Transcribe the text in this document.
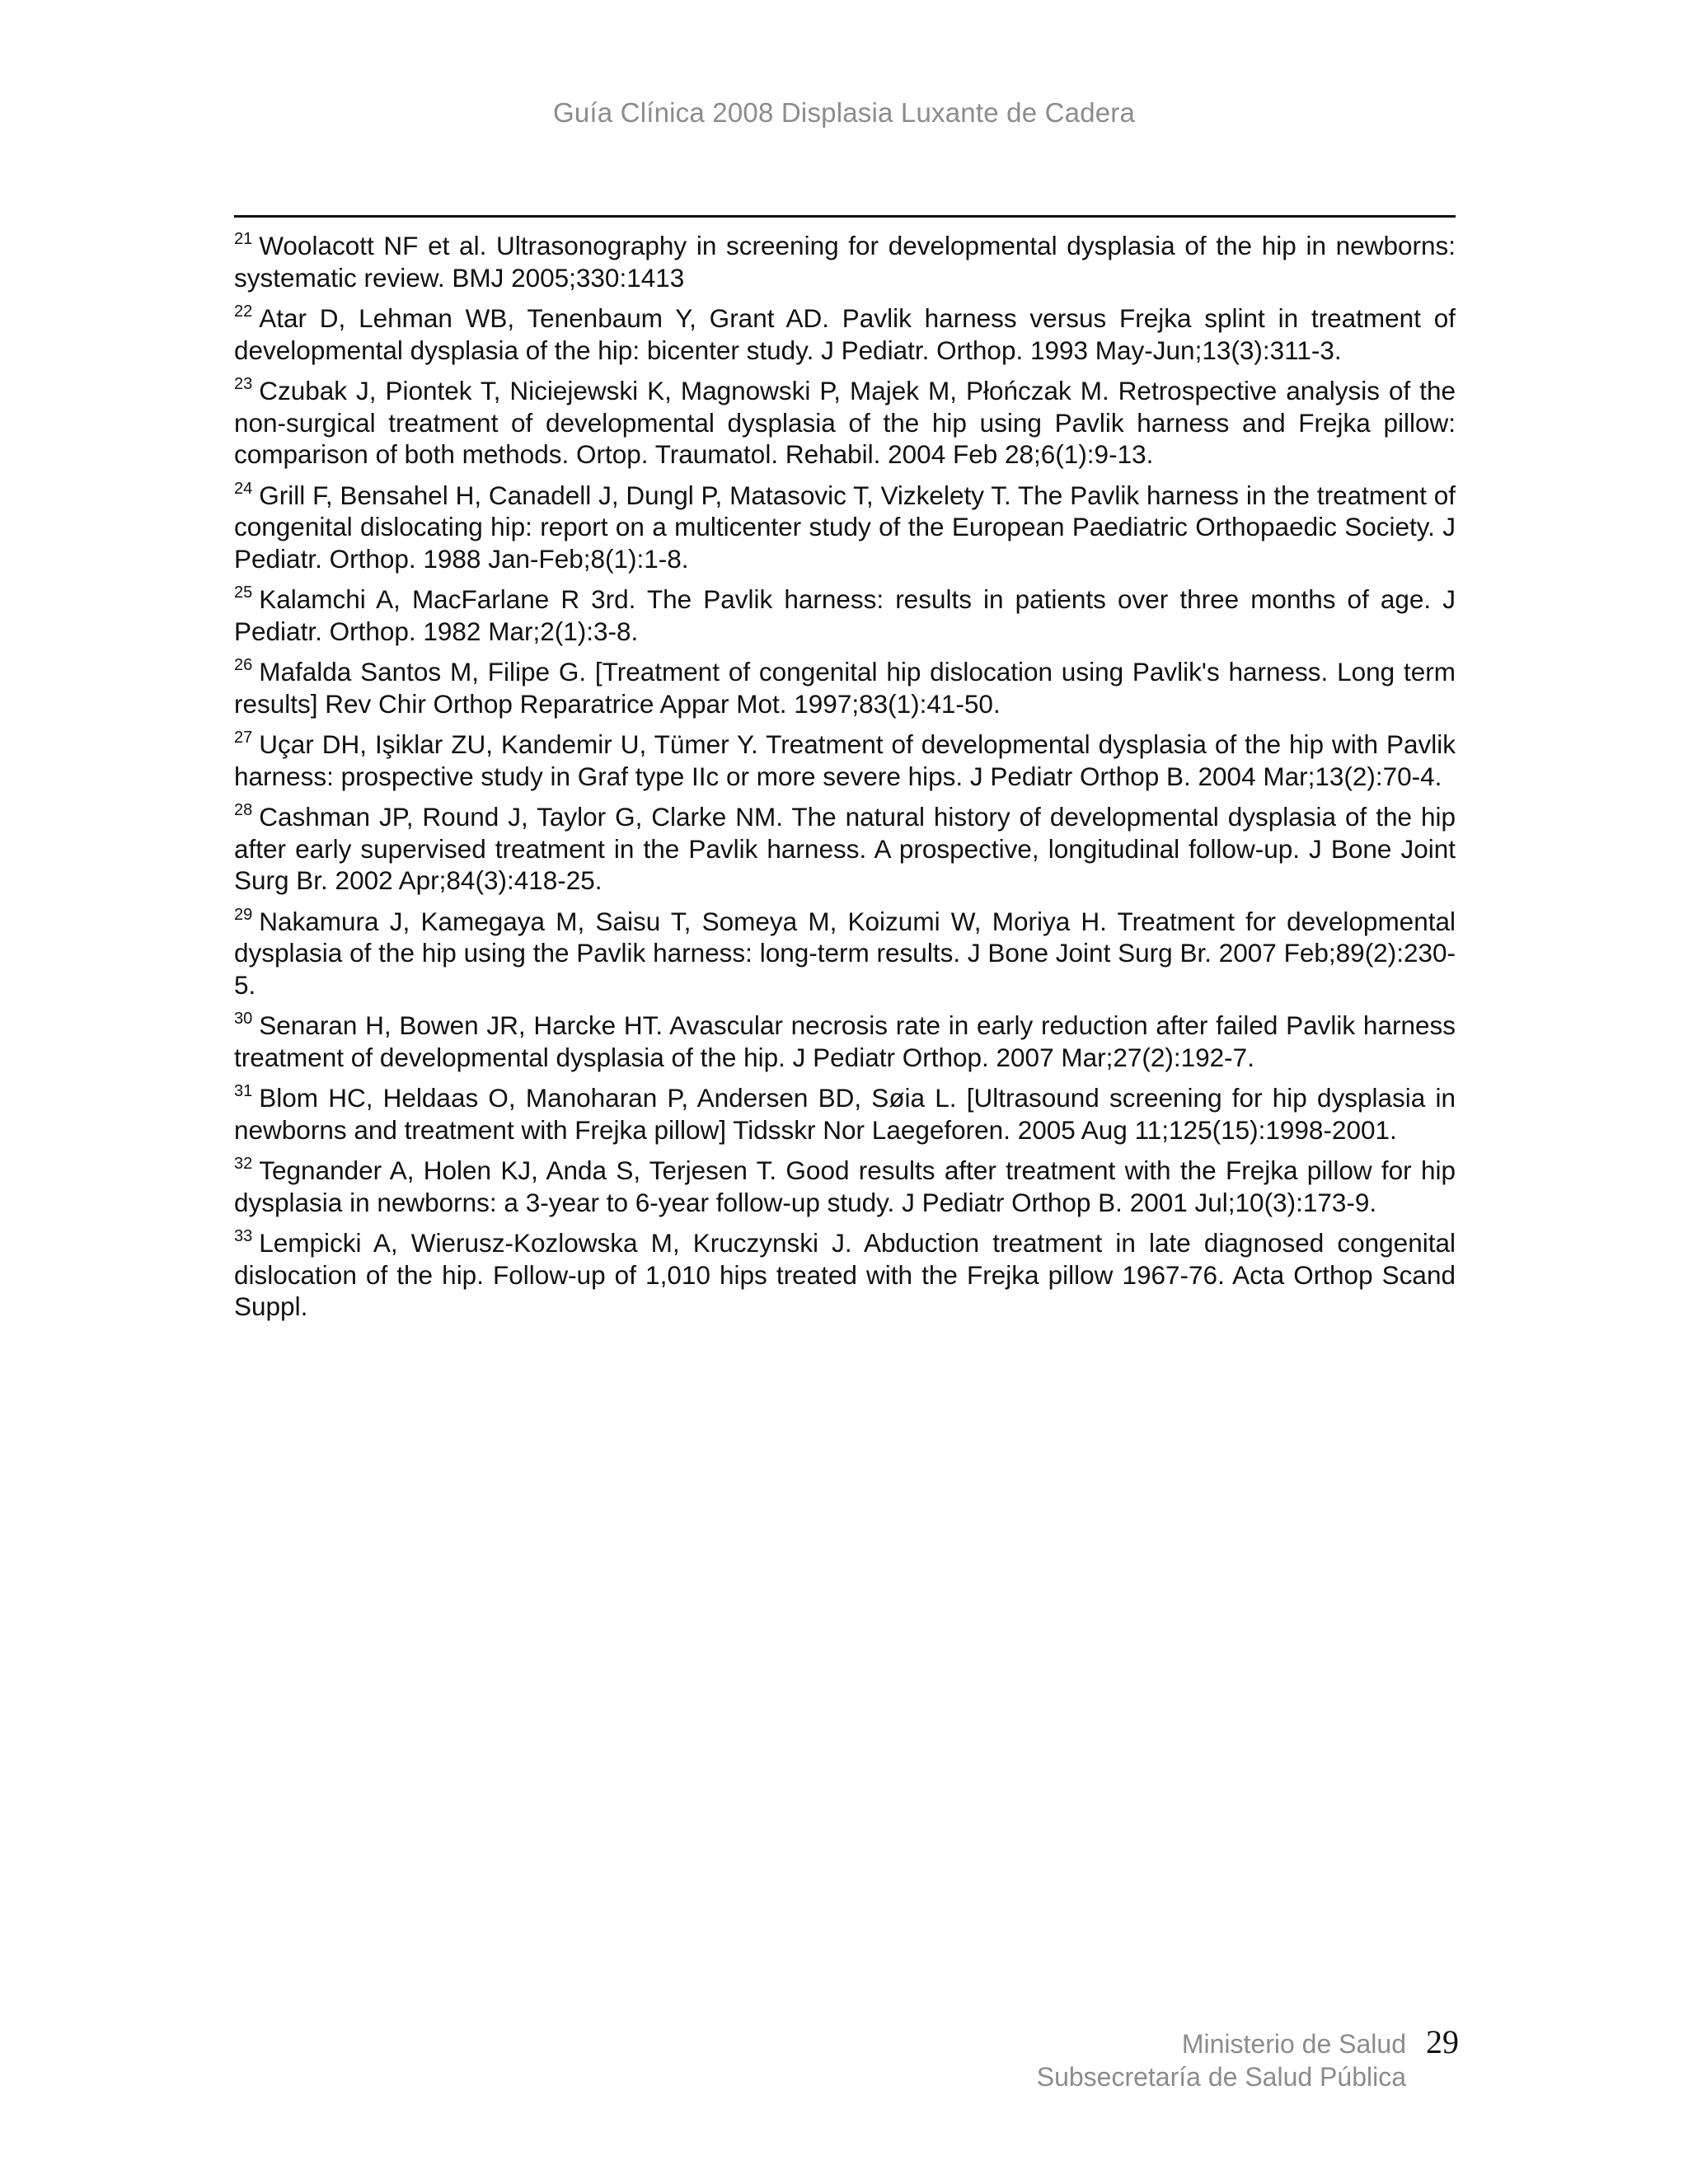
Guía Clínica 2008 Displasia Luxante de Cadera

$^{21}$ Woolacott NF et al. Ultrasonography in screening for developmental dysplasia of the hip in newborns: systematic review. BMJ 2005;330:1413

$^{22}$ Atar D, Lehman WB, Tenenbaum Y, Grant AD. Pavlik harness versus Frejka splint in treatment of developmental dysplasia of the hip: bicenter study. J Pediatr. Orthop. 1993 May-Jun;13(3):311-3.

$^{23}$ Czubak J, Piontek T, Niciejewski K, Magnowski P, Majek M, Płończak M. Retrospective analysis of the non-surgical treatment of developmental dysplasia of the hip using Pavlik harness and Frejka pillow: comparison of both methods. Ortop. Traumatol. Rehabil. 2004 Feb 28;6(1):9-13.

$^{24}$ Grill F, Bensahel H, Canadell J, Dungl P, Matasovic T, Vizkelety T. The Pavlik harness in the treatment of congenital dislocating hip: report on a multicenter study of the European Paediatric Orthopaedic Society. J Pediatr. Orthop. 1988 Jan-Feb;8(1):1-8.

$^{25}$ Kalamchi A, MacFarlane R 3rd. The Pavlik harness: results in patients over three months of age. J Pediatr. Orthop. 1982 Mar;2(1):3-8.

$^{26}$ Mafalda Santos M, Filipe G. [Treatment of congenital hip dislocation using Pavlik's harness. Long term results] Rev Chir Orthop Reparatrice Appar Mot. 1997;83(1):41-50.

$^{27}$ Uçar DH, Işiklar ZU, Kandemir U, Tümer Y. Treatment of developmental dysplasia of the hip with Pavlik harness: prospective study in Graf type IIc or more severe hips. J Pediatr Orthop B. 2004 Mar;13(2):70-4.

$^{28}$ Cashman JP, Round J, Taylor G, Clarke NM. The natural history of developmental dysplasia of the hip after early supervised treatment in the Pavlik harness. A prospective, longitudinal follow-up. J Bone Joint Surg Br. 2002 Apr;84(3):418-25.

$^{29}$ Nakamura J, Kamegaya M, Saisu T, Someya M, Koizumi W, Moriya H. Treatment for developmental dysplasia of the hip using the Pavlik harness: long-term results. J Bone Joint Surg Br. 2007 Feb;89(2):230-5.

$^{30}$ Senaran H, Bowen JR, Harcke HT. Avascular necrosis rate in early reduction after failed Pavlik harness treatment of developmental dysplasia of the hip. J Pediatr Orthop. 2007 Mar;27(2):192-7.

$^{31}$ Blom HC, Heldaas O, Manoharan P, Andersen BD, Søia L. [Ultrasound screening for hip dysplasia in newborns and treatment with Frejka pillow] Tidsskr Nor Laegeforen. 2005 Aug 11;125(15):1998-2001.

$^{32}$ Tegnander A, Holen KJ, Anda S, Terjesen T. Good results after treatment with the Frejka pillow for hip dysplasia in newborns: a 3-year to 6-year follow-up study. J Pediatr Orthop B. 2001 Jul;10(3):173-9.

$^{33}$ Lempicki A, Wierusz-Kozlowska M, Kruczynski J. Abduction treatment in late diagnosed congenital dislocation of the hip. Follow-up of 1,010 hips treated with the Frejka pillow 1967-76. Acta Orthop Scand Suppl.

Ministerio de Salud
Subsecretaría de Salud Pública
29
